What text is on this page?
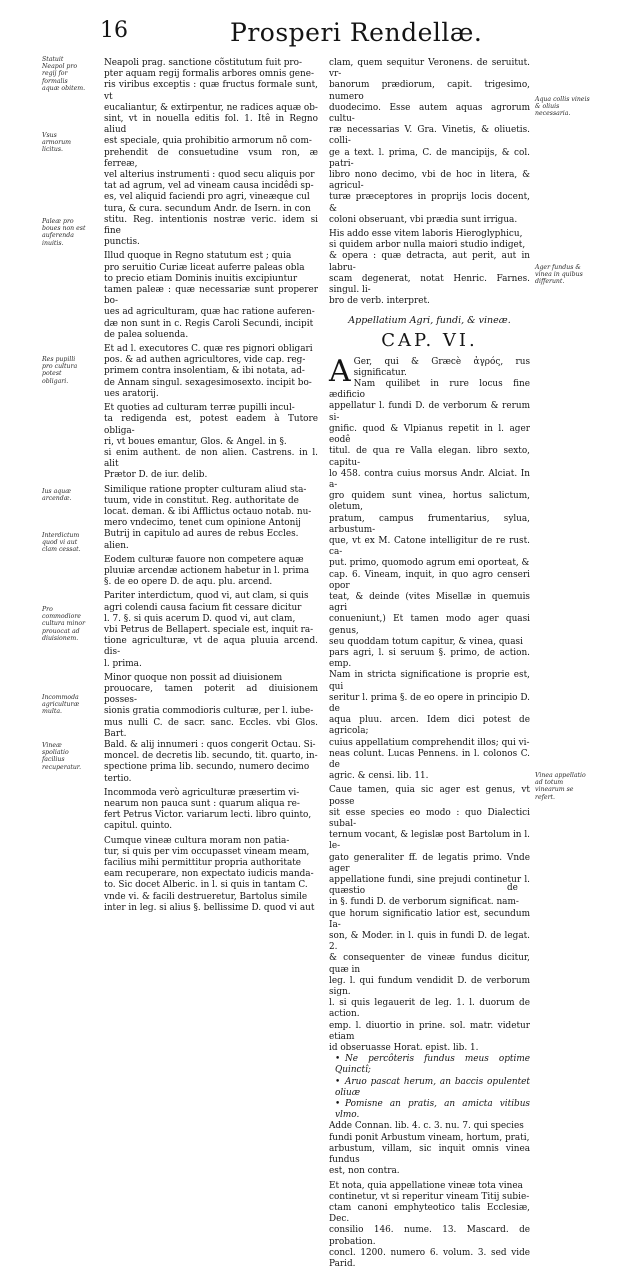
16	Prosperi Rendellæ.

Neapoli prag. sanctione cõstitutum fuit pro-

pter aquam regij formalis arbores omnis gene-

ris viribus exceptis : quæ fructus formale sunt, vt

eucaliantur, & extirpentur, ne radices aquæ ob-

sint, vt in nouella editis fol. 1. Itê in Regno aliud

est speciale, quia prohibitio armorum nõ com-

prehendit de consuetudine vsum ron, æ ferreæ,

vel alterius instrumenti : quod secu aliquis por

tat ad agrum, vel ad vineam causa incidêdi sp-

es, vel aliquid faciendi pro agri, vineæque cul

tura, & cura. secundum Andr. de Isern. in con

stitu. Reg. intentionis nostræ veric. idem si fine

punctis.

Illud quoque in Regno statutum est ; quia

pro seruitio Curiæ liceat auferre paleas obla

to precio etiam Dominis inuitis excipiuntur

tamen paleæ : quæ necessariæ sunt properer bo-

ues ad agriculturam, quæ hac ratione auferen-

dæ non sunt in c. Regis Caroli Secundi, incipit

de palea soluenda.

Et ad l. executores C. quæ res pignori obligari

pos. & ad authen agricultores, vide cap. reg-

primem contra insolentiam, & ibi notata, ad-

de Annam singul. sexagesimosexto. incipit bo-

ues aratorij.

Et quoties ad culturam terræ pupilli incul-

ta redigenda est, potest eadem à Tutore obliga-

ri, vt boues emantur, Glos. & Angel. in §.

si enim authent. de non alien. Castrens. in l. alit

Prætor D. de iur. delib.

Similique ratione propter culturam aliud sta-

tuum, vide in constitut. Reg. authoritate de

locat. deman. & ibi Afflictus octauo notab. nu-

mero vndecimo, tenet cum opinione Antonij

Butrij in capitulo ad aures de rebus Eccles.

alien.

Eodem culturæ fauore non competere aquæ

pluuiæ arcendæ actionem habetur in l. prima

§. de eo opere D. de aqu. plu. arcend.

Pariter interdictum, quod vi, aut clam, si quis

agri colendi causa facium fit cessare dicitur

l. 7. §. si quis acerum D. quod vi, aut clam,

vbi Petrus de Bellapert. speciale est, inquit ra-

tione agriculturæ, vt de aqua pluuia arcend. dis-

l. prima.

Minor quoque non possit ad diuisionem

prouocare, tamen poterit ad diuisionem posses-

sionis gratia commodioris culturæ, per l. iube-

mus nulli C. de sacr. sanc. Eccles. vbi Glos. Bart.

Bald. & alij innumeri : quos congerit Octau. Si-

moncel. de decretis lib. secundo, tit. quarto, in-

spectione prima lib. secundo, numero decimo

tertio.

Incommoda verò agriculturæ præsertim vi-

nearum non pauca sunt : quarum aliqua re-

fert Petrus Victor. variarum lecti. libro quinto,

capitul. quinto.

Cumque vineæ cultura moram non patia-

tur, si quis per vim occupasset vineam meam,

facilius mihi permittitur propria authoritate

eam recuperare, non expectato iudicis manda-

to. Sic docet Alberic. in l. si quis in tantam C.

vnde vi. & facili destrueretur, Bartolus simile

inter in leg. si alius §. bellissime D. quod vi aut

clam, quem sequitur Veronens. de seruitut. vr-

banorum prædiorum, capit. trigesimo, numero

duodecimo. Esse autem aquas agrorum cultu-

ræ necessarias V. Gra. Vinetis, & oliuetis. colli-

ge a text. l. prima, C. de mancipijs, & col. patri-

libro nono decimo, vbi de hoc in litera, & agricul-

turæ præceptores in proprijs locis docent, &

coloni obseruant, vbi prædia sunt irrigua.

His addo esse vitem laboris Hieroglyphicu,

si quidem arbor nulla maiori studio indiget,

& opera : quæ detracta, aut perit, aut in labru-

scam degenerat, notat Henric. Farnes. singul. li-

bro de verb. interpret.

Appellatium Agri, fundi, & vineæ.
CAP. VI.
A Ger, qui & Græcè ἀγρός, rus significatur.

Nam quilibet in rure locus fine ædificio

appellatur l. fundi D. de verborum & rerum si-

gnific. quod & Vlpianus repetit in l. ager eodê

titul. de qua re Valla elegan. libro sexto, capitu-

lo 458. contra cuius morsus Andr. Alciat. In a-

gro quidem sunt vinea, hortus salictum, oletum,

pratum, campus frumentarius, sylua, arbustum-

que, vt ex M. Catone intelligitur de re rust. ca-

put. primo, quomodo agrum emi oporteat, &

cap. 6. Vineam, inquit, in quo agro censeri opor

teat, & deinde (vites Misellæ in quemuis agri

conueniunt,) Et tamen modo ager quasi genus,

seu quoddam totum capitur, & vinea, quasi

pars agri, l. si seruum §. primo, de action. emp.

Nam in stricta significatione is proprie est, qui

seritur l. prima §. de eo opere in principio D. de

aqua pluu. arcen. Idem dici potest de agricola;

cuius appellatium comprehendit illos; qui vi-

neas colunt. Lucas Pennens. in l. colonos C. de

agric. & censi. lib. 11.

Caue tamen, quia sic ager est genus, vt posse

sit esse species eo modo : quo Dialectici subal-

ternum vocant, & legislæ post Bartolum in l. le-

gato generaliter ff. de legatis primo. Vnde ager

appellatione fundi, sine prejudi continetur l. quæstio

in §. fundi D. de verborum significat. nam-

que horum significatio latior est, secundum Ia-

son, & Moder. in l. quis in fundi D. de legat. 2.

& consequenter de vineæ fundus dicitur, quæ in

leg. l. qui fundum vendidit D. de verborum sign.

l. si quis legauerit de leg. 1. l. duorum de action.

emp. l. diuortio in prine. sol. matr. videtur etiam

id obseruasse Horat. epist. lib. 1.

• Ne percôteris fundus meus optime Quinctî;

• Aruo pascat herum, an baccis opulentet oliuæ

• Pomisne an pratis, an amicta vitibus vlmo.

Adde Connan. lib. 4. c. 3. nu. 7. qui species

fundi ponit Arbustum vineam, hortum, prati,

arbustum, villam, sic inquit omnis vinea fundus

est, non contra.

Et nota, quia appellatione vineæ tota vinea

continetur, vt si reperitur vineam Titij subie-

ctam canoni emphyteotico talis Ecclesiæ, Dec.

consilio 146. nume. 13. Mascard. de probation.

concl. 1200. numero 6. volum. 3. sed vide Parid.

de
Statuit Neapol pro regij for formalis aquæ obitem.
Vsus armorum licitus.
Paleæ pro boues non est auferenda inuitis.
Res pupilli pro cultura potest obligari.
Ius aquæ arcendæ.
Interdictum quod vi aut clam cessat.
Pro commodiore cultura minor prouocat ad diuisionem.
Incommoda agriculturæ multa.
Vineæ spoliatio facilius recuperatur.
Aqua collis vineis & oliuis necessaria.
Ager fundus & vinea in quibus differunt.
Vinea appellatio ad totum vinearum se refert.
